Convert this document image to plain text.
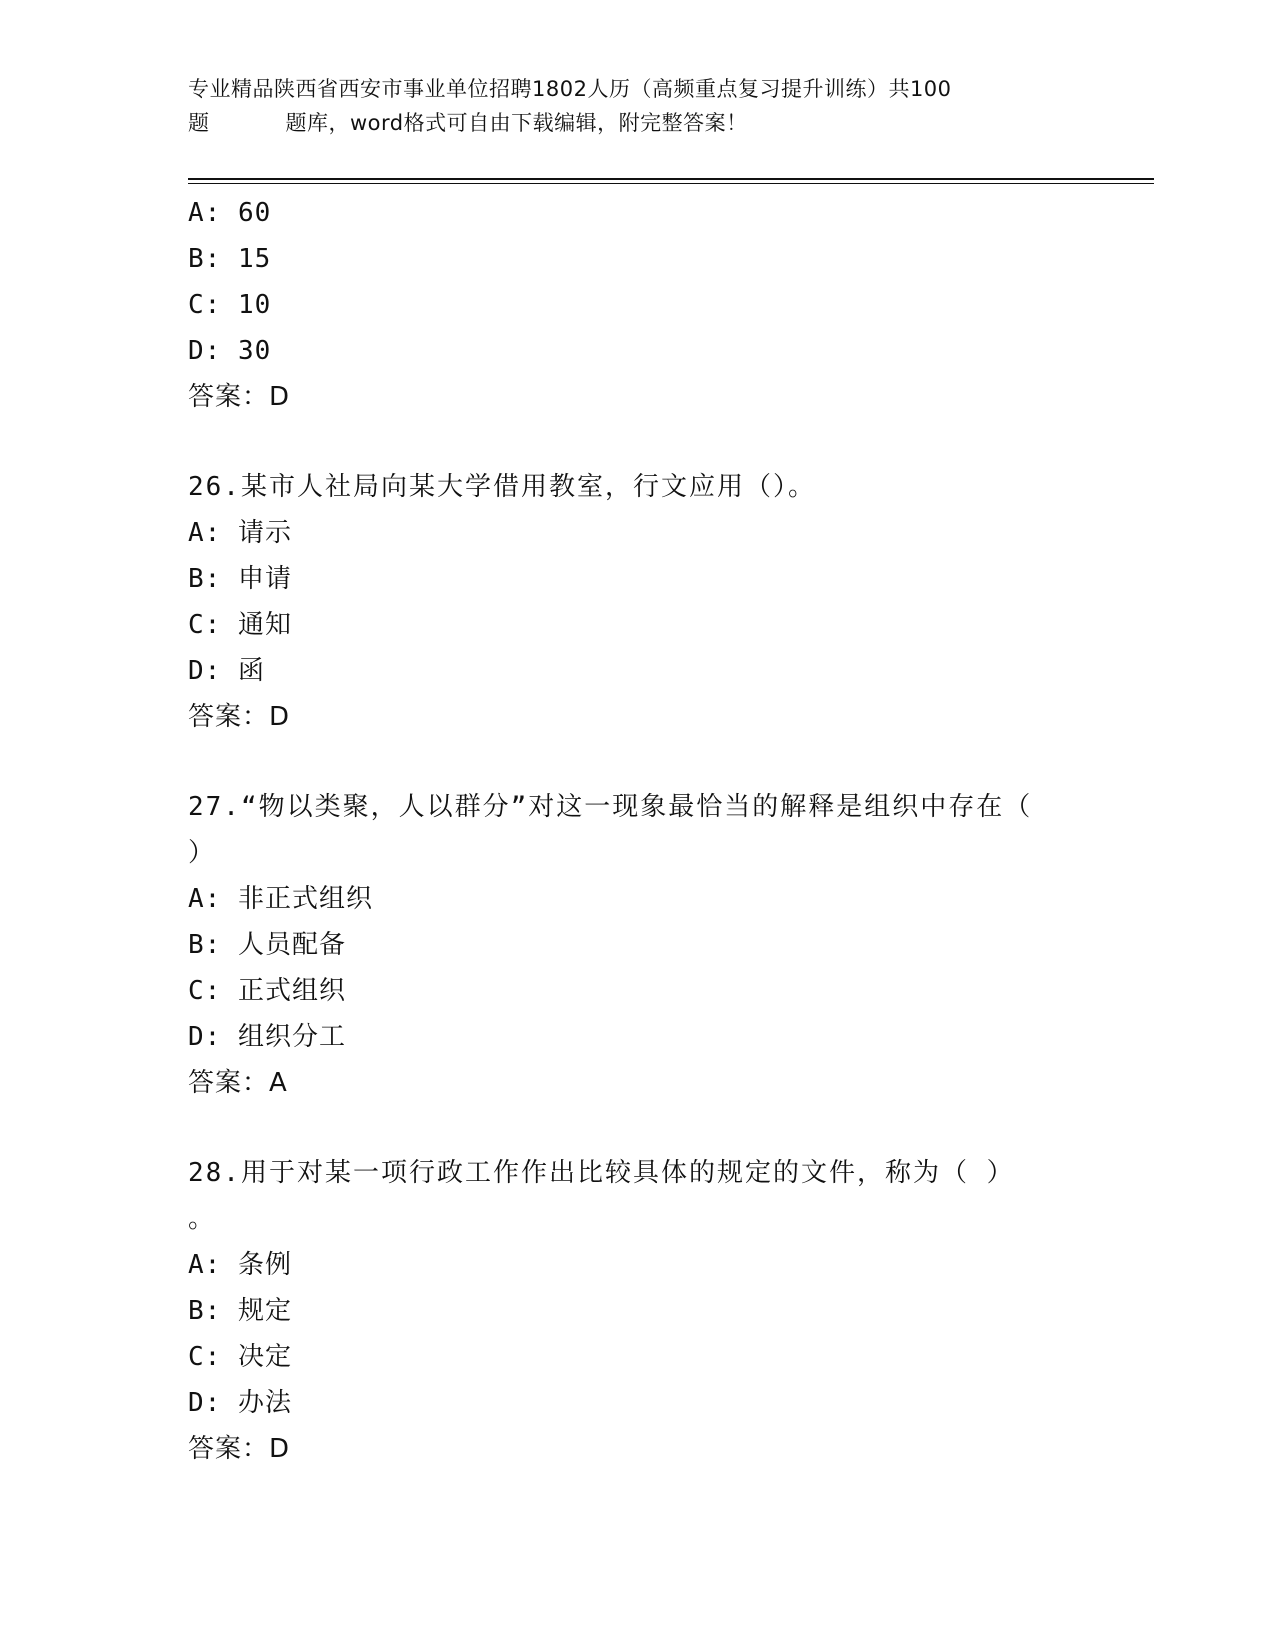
专业精品陕西省西安市事业单位招聘1802人历（高频重点复习提升训练）共100
题	题库，word格式可自由下载编辑，附完整答案！
A: 60
B: 15
C: 10
D: 30
答案：D
26.某市人社局向某大学借用教室，行文应用（）。
A: 请示
B: 申请
C: 通知
D: 函
答案：D
27.“物以类聚，人以群分”对这一现象最恰当的解释是组织中存在（
）
A: 非正式组织
B: 人员配备
C: 正式组织
D: 组织分工
答案：A
28.用于对某一项行政工作作出比较具体的规定的文件，称为（ ）
。
A: 条例
B: 规定
C: 决定
D: 办法
答案：D
